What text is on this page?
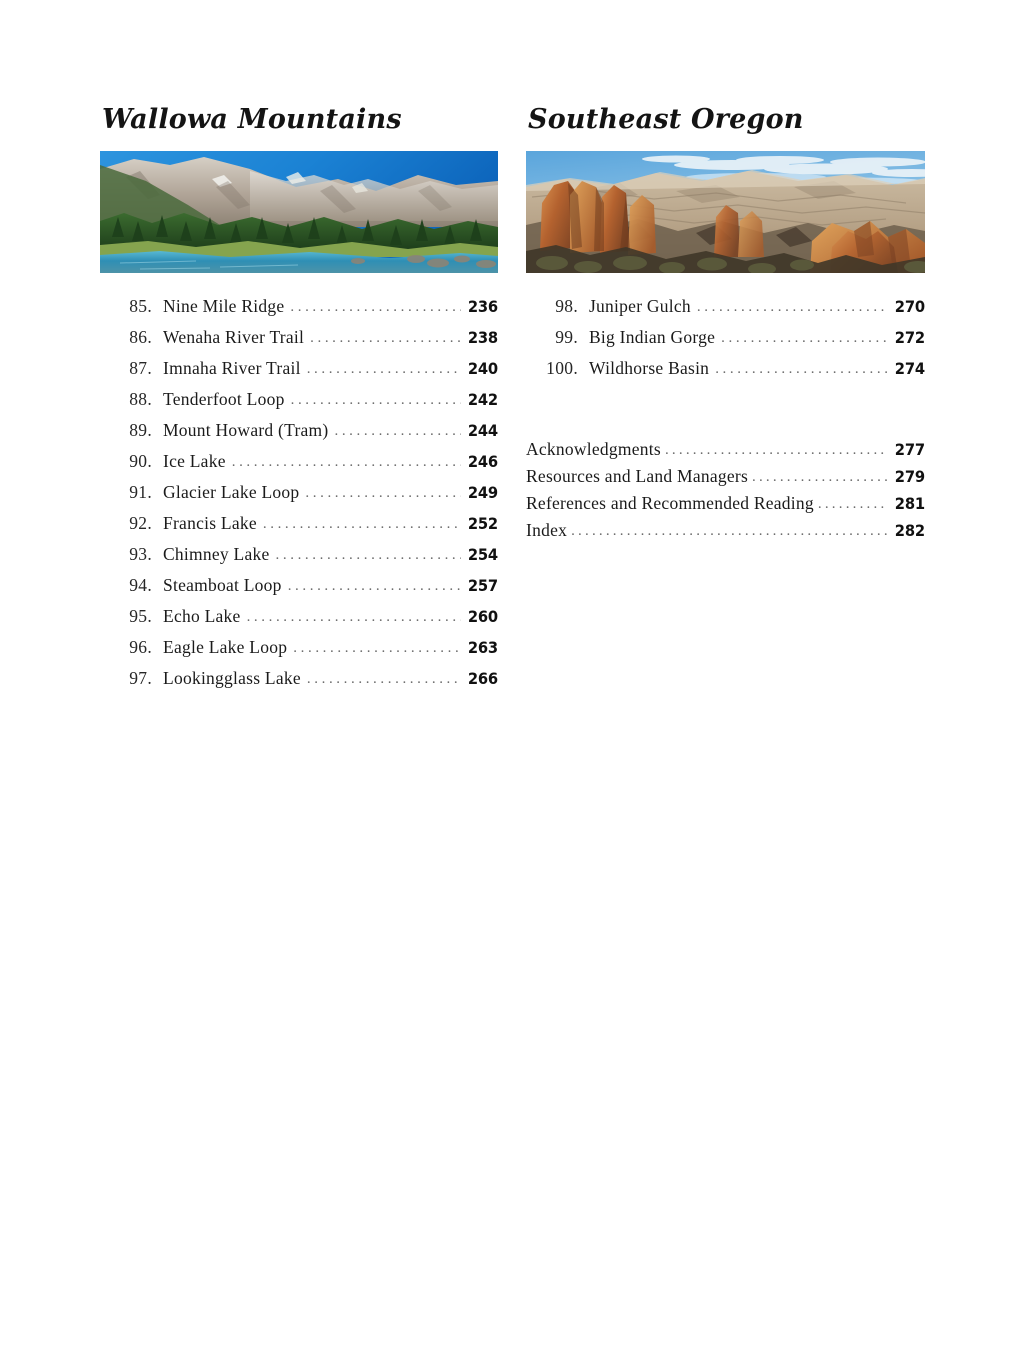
Wallowa Mountains
85. Nine Mile Ridge .....	236
86. Wenaha River Trail .....	238
87. Imnaha River Trail .....	240
88. Tenderfoot Loop .....	242
89. Mount Howard (Tram) .....	244
90. Ice Lake .....	246
91. Glacier Lake Loop .....	249
92. Francis Lake .....	252
93. Chimney Lake .....	254
94. Steamboat Loop .....	257
95. Echo Lake .....	260
96. Eagle Lake Loop .....	263
97. Lookingglass Lake .....	266
Southeast Oregon
98. Juniper Gulch .....	270
99. Big Indian Gorge .....	272
100. Wildhorse Basin .....	274
Acknowledgments .....	277
Resources and Land Managers .....	279
References and Recommended Reading .....	281
Index .....	282
